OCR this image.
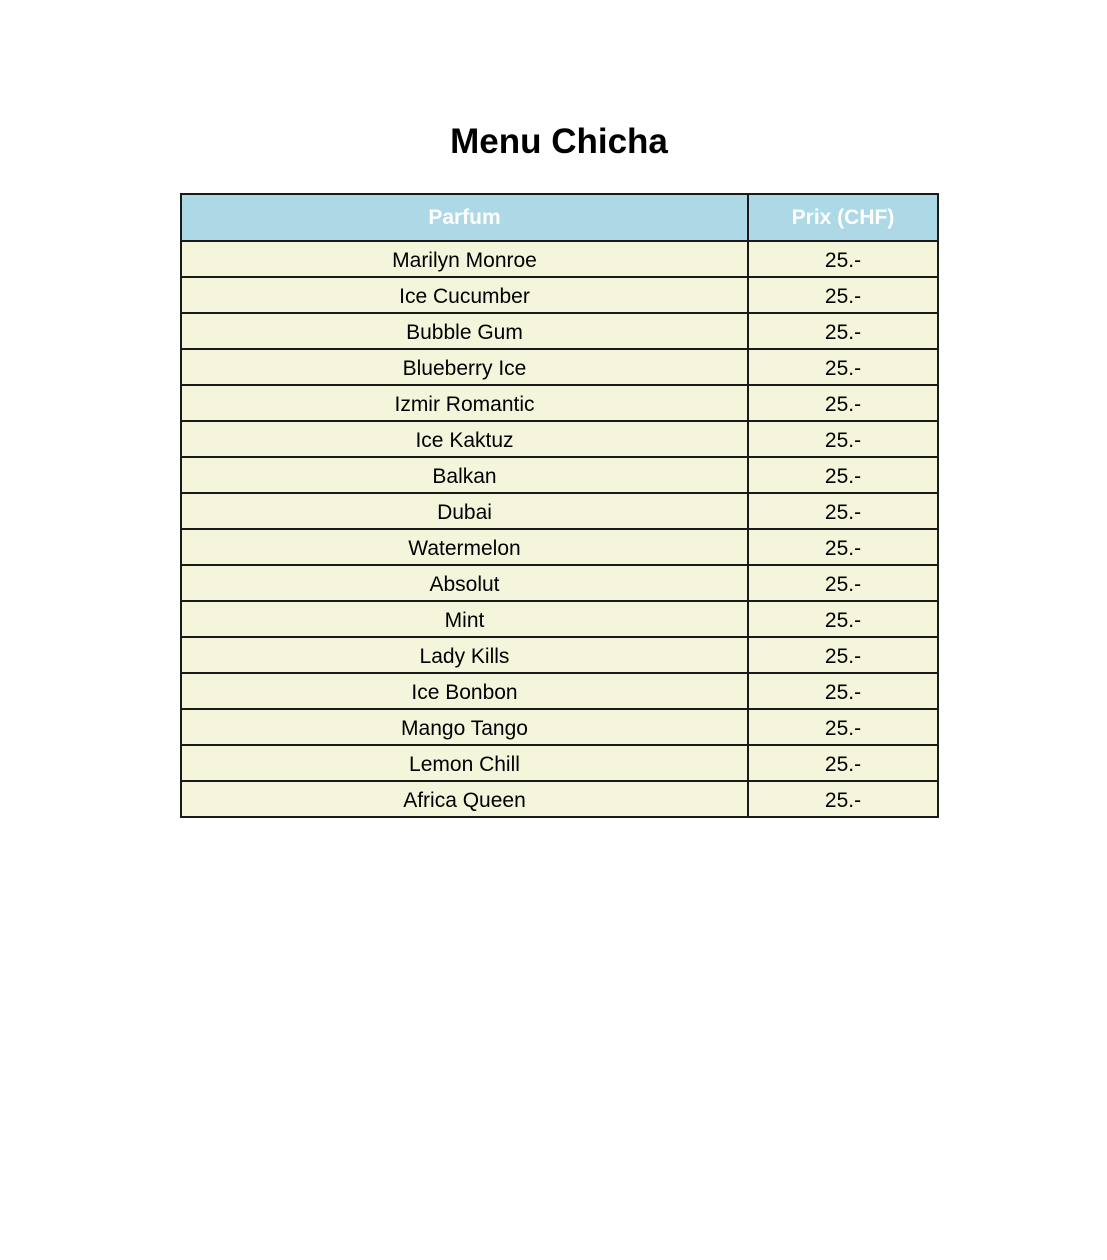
Menu Chicha
Parfum	Prix (CHF)
Marilyn Monroe	25.-
Ice Cucumber	25.-
Bubble Gum	25.-
Blueberry Ice	25.-
Izmir Romantic	25.-
Ice Kaktuz	25.-
Balkan	25.-
Dubai	25.-
Watermelon	25.-
Absolut	25.-
Mint	25.-
Lady Kills	25.-
Ice Bonbon	25.-
Mango Tango	25.-
Lemon Chill	25.-
Africa Queen	25.-
